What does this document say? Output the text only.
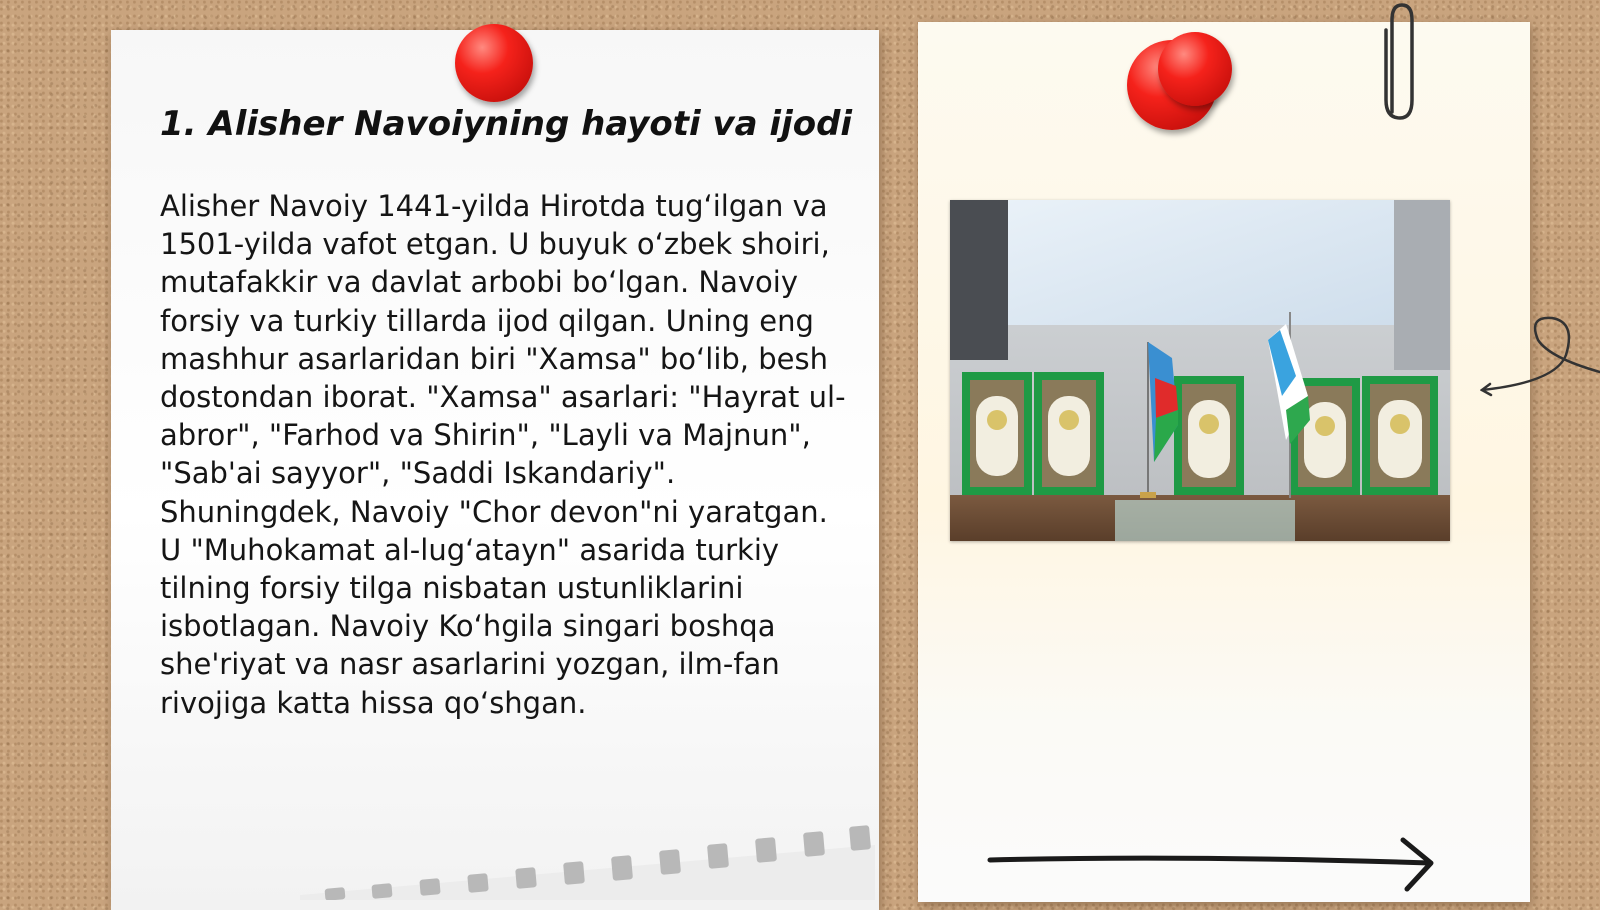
1. Alisher Navoiyning hayoti va ijodi

Alisher Navoiy 1441-yilda Hirotda tug‘ilgan va 1501-yilda vafot etgan. U buyuk o‘zbek shoiri, mutafakkir va davlat arbobi bo‘lgan. Navoiy forsiy va turkiy tillarda ijod qilgan. Uning eng mashhur asarlaridan biri "Xamsa" bo‘lib, besh dostondan iborat. "Xamsa" asarlari: "Hayrat ul-abror", "Farhod va Shirin", "Layli va Majnun", "Sab'ai sayyor", "Saddi Iskandariy". Shuningdek, Navoiy "Chor devon"ni yaratgan. U "Muhokamat al-lug‘atayn" asarida turkiy tilning forsiy tilga nisbatan ustunliklarini isbotlagan. Navoiy Ko‘hgila singari boshqa she'riyat va nasr asarlarini yozgan, ilm-fan rivojiga katta hissa qo‘shgan.
